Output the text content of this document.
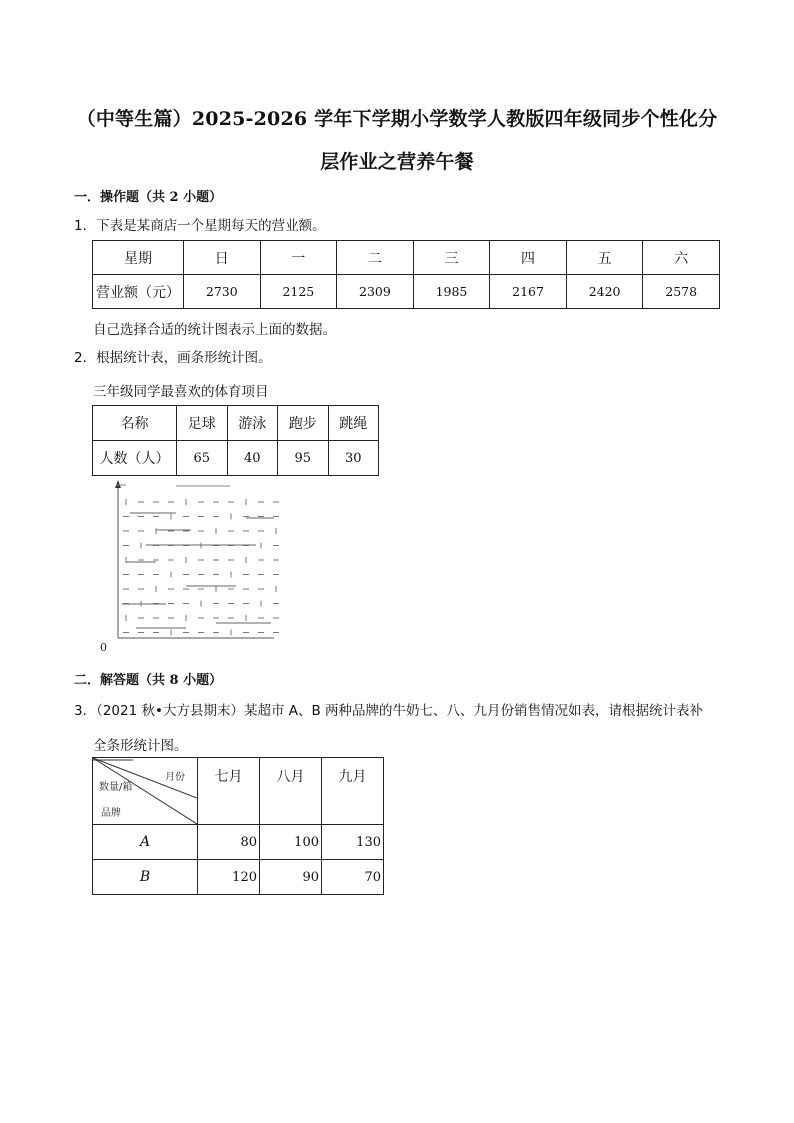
（中等生篇）2025-2026 学年下学期小学数学人教版四年级同步个性化分
层作业之营养午餐
一．操作题（共 2 小题）
1．下表是某商店一个星期每天的营业额。
星期	日	一	二	三	四	五	六
营业额（元）	2730	2125	2309	1985	2167	2420	2578
自己选择合适的统计图表示上面的数据。
2．根据统计表，画条形统计图。
三年级同学最喜欢的体育项目
名称	足球	游泳	跑步	跳绳
人数（人）	65	40	95	30
0
二．解答题（共 8 小题）
3．（2021 秋•大方县期末）某超市 A、B 两种品牌的牛奶七、八、九月份销售情况如表，请根据统计表补
全条形统计图。
月份
数量/箱
品牌	七月	八月	九月
A	80	100	130
B	120	90	70
